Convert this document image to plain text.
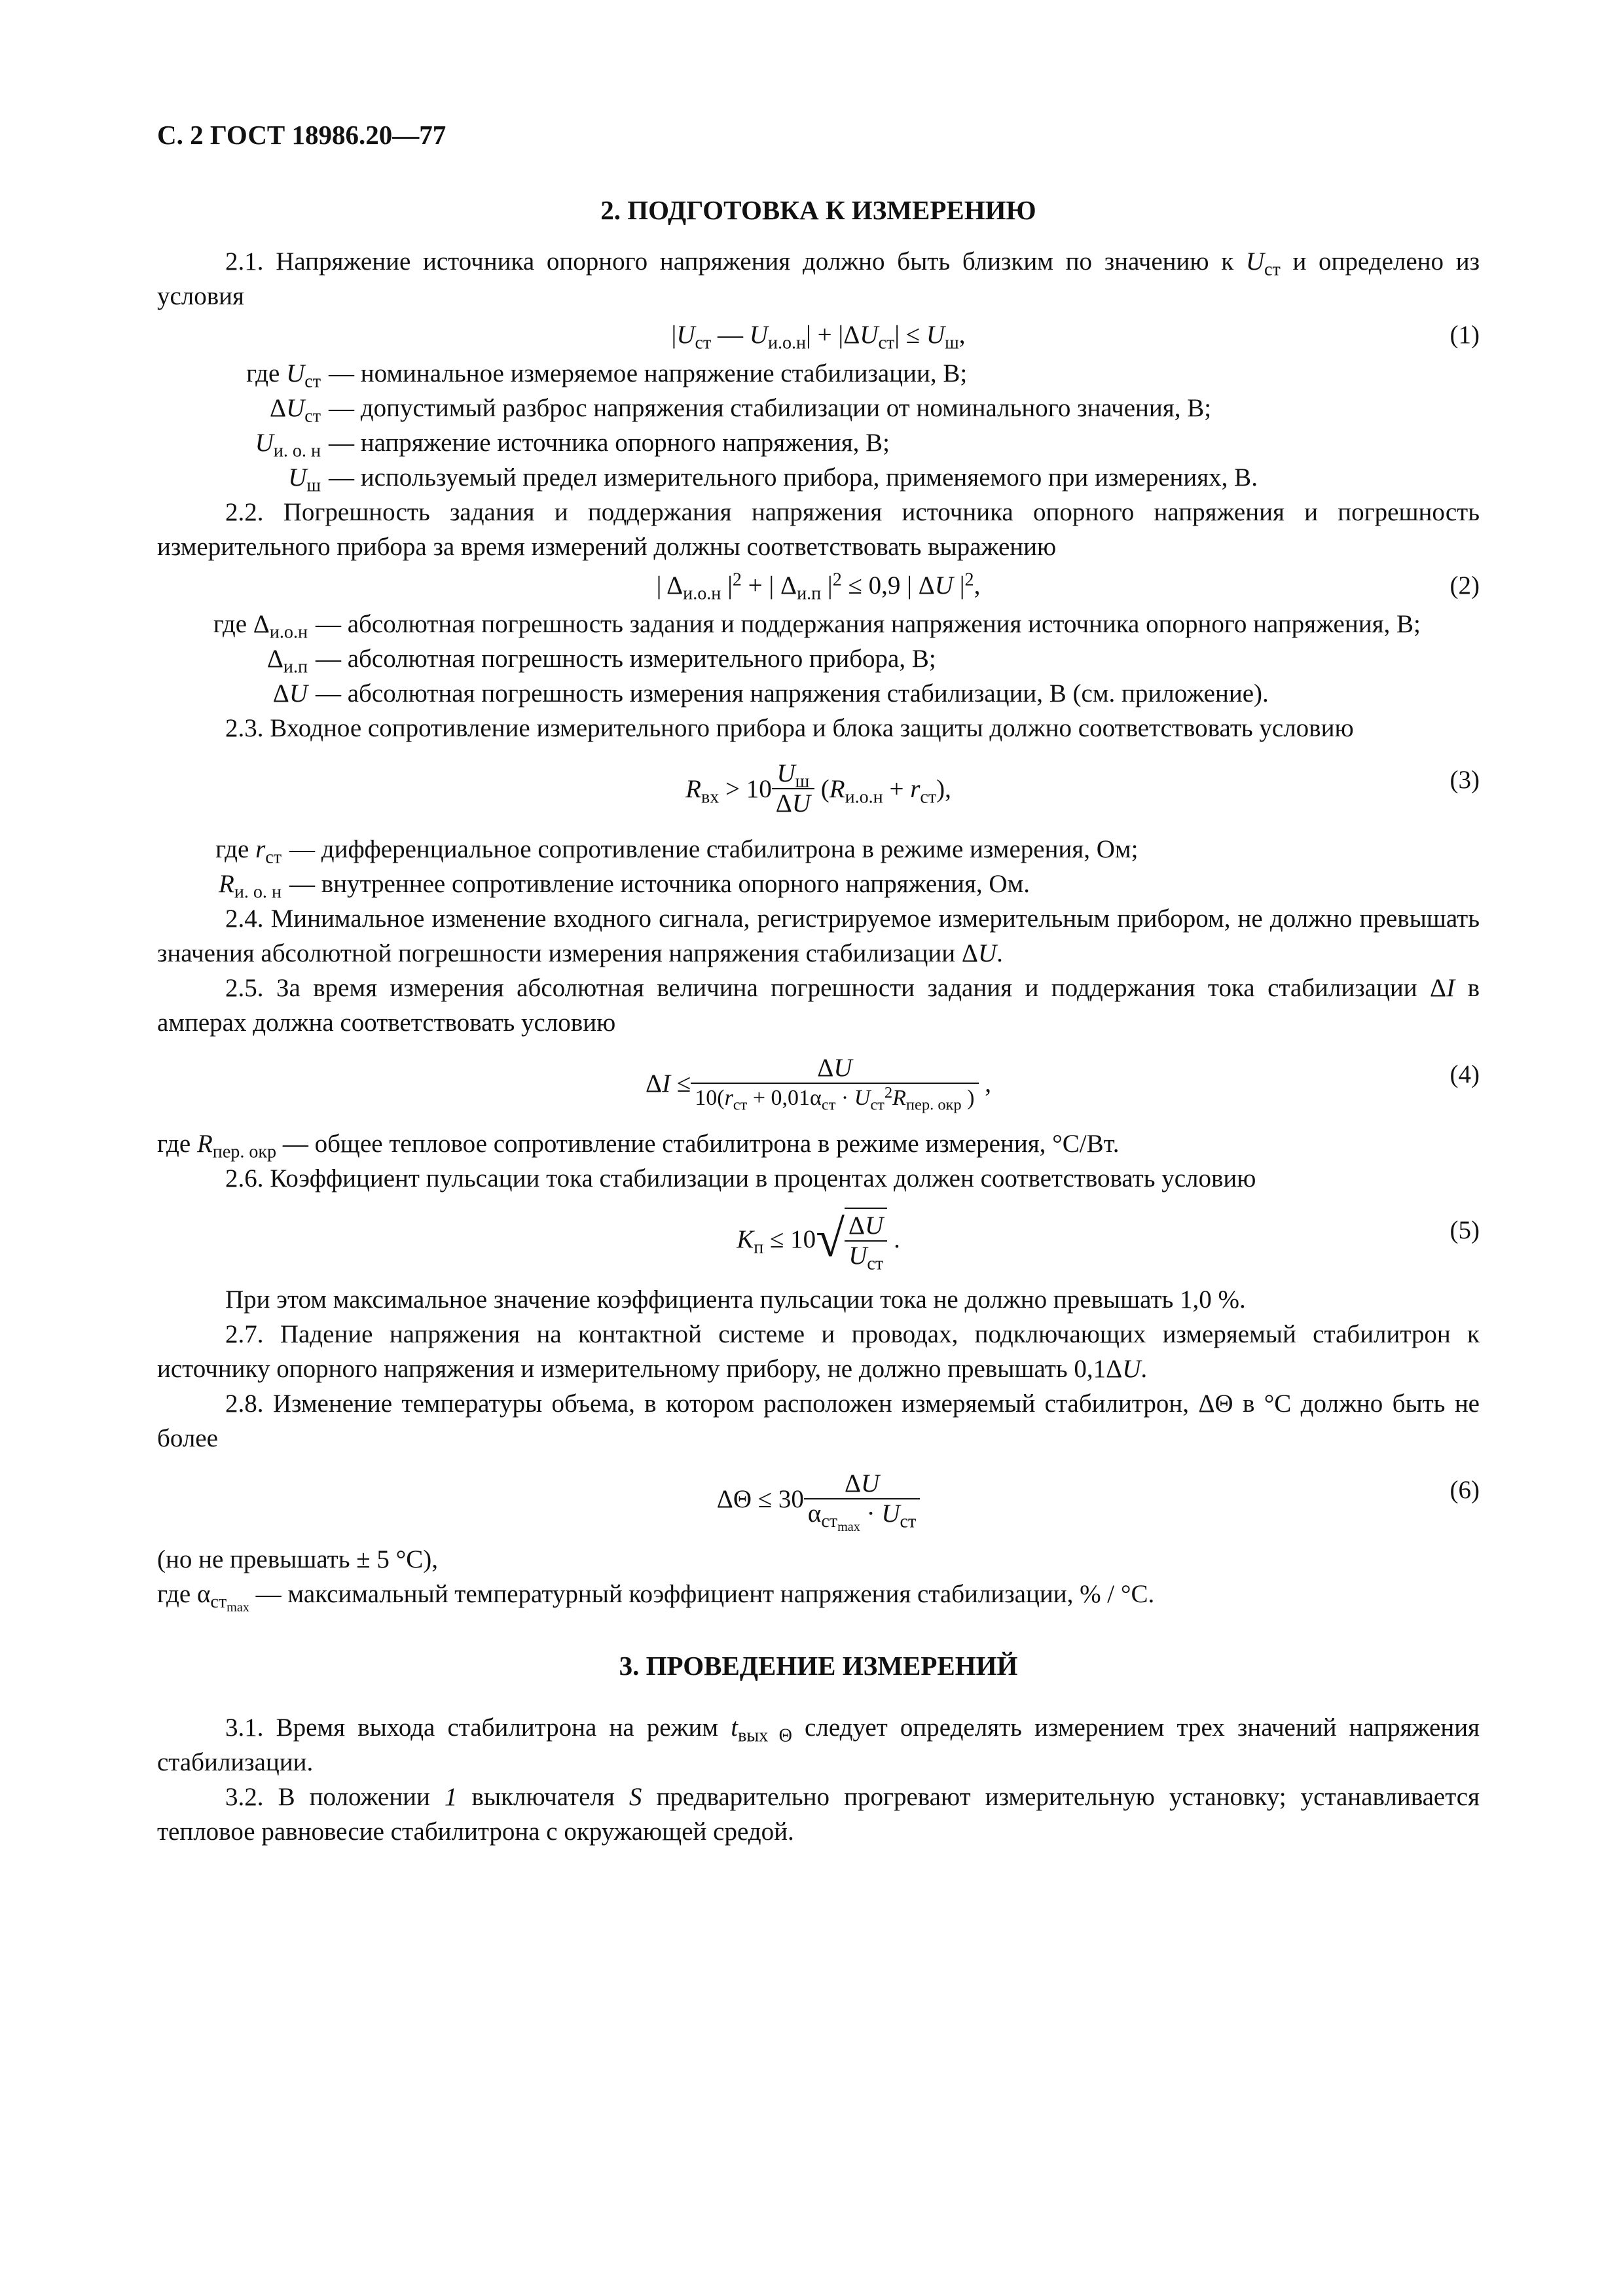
С. 2 ГОСТ 18986.20—77
2. ПОДГОТОВКА К ИЗМЕРЕНИЮ

2.1. Напряжение источника опорного напряжения должно быть близким по значению к $U_{ст}$ и определено из условия

$|U_{ст}$ — $U_{и.о.н}| + |\Delta U_{ст}| \le U_ш$,	(1)
где $U_{ст}$ — номинальное измеряемое напряжение стабилизации, В;
$\Delta U_{ст}$ — допустимый разброс напряжения стабилизации от номинального значения, В;
$U_{и. о. н}$ — напряжение источника опорного напряжения, В;
$U_ш$ — используемый предел измерительного прибора, применяемого при измерениях, В.

2.2. Погрешность задания и поддержания напряжения источника опорного напряжения и погрешность измерительного прибора за время измерений должны соответствовать выражению

| $\Delta_{и.о.н}$ $|^2$ + | $\Delta_{и.п}$ $|^2 \le 0,9$ | ΔU $|^2$,	(2)
где $\Delta_{и.о.н}$ — абсолютная погрешность задания и поддержания напряжения источника опорного напряжения, В;
$\Delta_{и.п}$ — абсолютная погрешность измерительного прибора, В;
ΔU — абсолютная погрешность измерения напряжения стабилизации, В (см. приложение).

2.3. Входное сопротивление измерительного прибора и блока защиты должно соответствовать условию

$R_{вх} > 10 \frac{U_ш}{\Delta U} (R_{и.о.н} + r_{ст})$,	(3)
где $r_{ст}$ — дифференциальное сопротивление стабилитрона в режиме измерения, Ом;
$R_{и. о. н}$ — внутреннее сопротивление источника опорного напряжения, Ом.

2.4. Минимальное изменение входного сигнала, регистрируемое измерительным прибором, не должно превышать значения абсолютной погрешности измерения напряжения стабилизации ΔU.

2.5. За время измерения абсолютная величина погрешности задания и поддержания тока стабилизации ΔI в амперах должна соответствовать условию

$\Delta I \le \frac{\Delta U}{10(r_{ст} + 0,01\alpha_{ст} \cdot U_{ст}^2R_{пер. окр} )}$ ,	(4)

где $R_{пер. окр}$ — общее тепловое сопротивление стабилитрона в режиме измерения, °С/Вт.

2.6. Коэффициент пульсации тока стабилизации в процентах должен соответствовать условию

$K_п \le 10$ √ $\frac{\Delta U}{U_{ст}}$ .	(5)

При этом максимальное значение коэффициента пульсации тока не должно превышать 1,0 %.

2.7. Падение напряжения на контактной системе и проводах, подключающих измеряемый стабилитрон к источнику опорного напряжения и измерительному прибору, не должно превышать 0,1ΔU.

2.8. Изменение температуры объема, в котором расположен измеряемый стабилитрон, ΔΘ в °С должно быть не более

$\Delta\Theta \le 30 \frac{\Delta U}{\alpha_{ст_{max}} \cdot U_{ст}}$	(6)

(но не превышать ± 5 °С),

где $\alpha_{ст_{max}}$ — максимальный температурный коэффициент напряжения стабилизации, % / °С.

3. ПРОВЕДЕНИЕ ИЗМЕРЕНИЙ

3.1. Время выхода стабилитрона на режим $t_{вых \Theta}$ следует определять измерением трех значений напряжения стабилизации.

3.2. В положении 1 выключателя S предварительно прогревают измерительную установку; устанавливается тепловое равновесие стабилитрона с окружающей средой.
